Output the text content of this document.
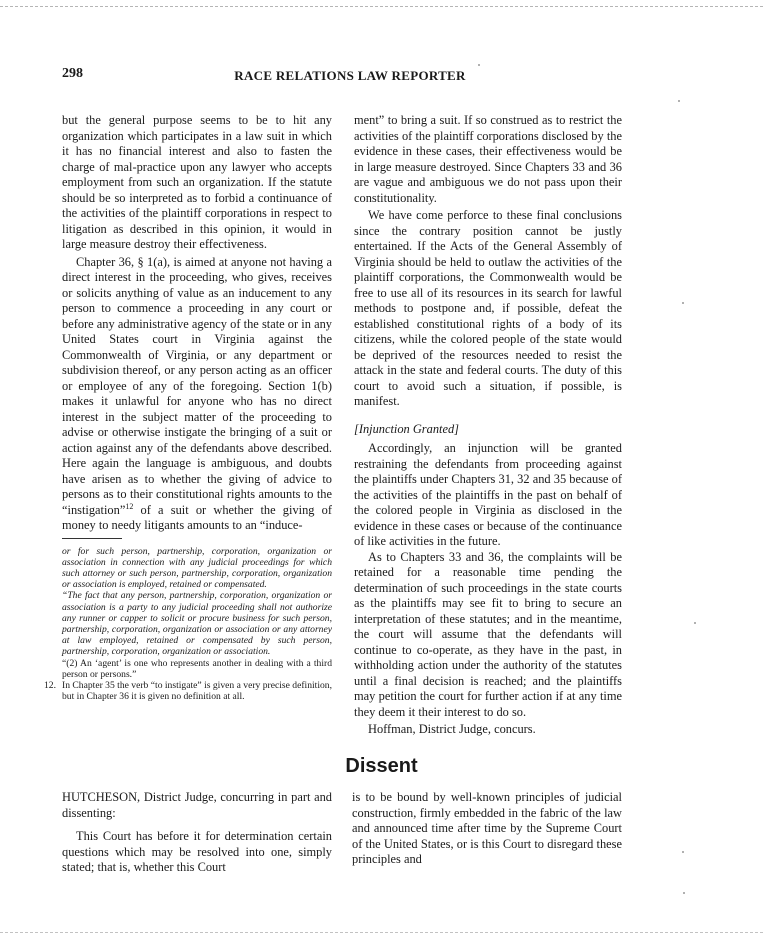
298	RACE RELATIONS LAW REPORTER

but the general purpose seems to be to hit any organization which participates in a law suit in which it has no financial interest and also to fasten the charge of mal-practice upon any lawyer who accepts employment from such an organization. If the statute should be so interpreted as to forbid a continuance of the activities of the plaintiff corporations in respect to litigation as described in this opinion, it would in large measure destroy their effectiveness.

Chapter 36, § 1(a), is aimed at anyone not having a direct interest in the proceeding, who gives, receives or solicits anything of value as an inducement to any person to commence a proceeding in any court or before any administrative agency of the state or in any United States court in Virginia against the Commonwealth of Virginia, or any department or subdivision thereof, or any person acting as an officer or employee of any of the foregoing. Section 1(b) makes it unlawful for anyone who has no direct interest in the subject matter of the proceeding to advise or otherwise instigate the bringing of a suit or action against any of the defendants above described. Here again the language is ambiguous, and doubts have arisen as to whether the giving of advice to persons as to their constitutional rights amounts to the “instigation”$^{12}$ of a suit or whether the giving of money to needy litigants amounts to an “induce-

or for such person, partnership, corporation, organization or association in connection with any judicial proceedings for which such attorney or such person, partnership, corporation, organization or association is employed, retained or compensated.

“The fact that any person, partnership, corporation, organization or association is a party to any judicial proceeding shall not authorize any runner or capper to solicit or procure business for such person, partnership, corporation, organization or association or any attorney at law employed, retained or compensated by such person, partnership, corporation, organization or association.

“(2) An ‘agent’ is one who represents another in dealing with a third person or persons.”

12. In Chapter 35 the verb “to instigate” is given a very precise definition, but in Chapter 36 it is given no definition at all.

ment” to bring a suit. If so construed as to restrict the activities of the plaintiff corporations disclosed by the evidence in these cases, their effectiveness would be in large measure destroyed. Since Chapters 33 and 36 are vague and ambiguous we do not pass upon their constitutionality.

We have come perforce to these final conclusions since the contrary position cannot be justly entertained. If the Acts of the General Assembly of Virginia should be held to outlaw the activities of the plaintiff corporations, the Commonwealth would be free to use all of its resources in its search for lawful methods to postpone and, if possible, defeat the established constitutional rights of a body of its citizens, while the colored people of the state would be deprived of the resources needed to resist the attack in the state and federal courts. The duty of this court to avoid such a situation, if possible, is manifest.

[Injunction Granted]

Accordingly, an injunction will be granted restraining the defendants from proceeding against the plaintiffs under Chapters 31, 32 and 35 because of the activities of the plaintiffs in the past on behalf of the colored people in Virginia as disclosed in the evidence in these cases or because of the continuance of like activities in the future.

As to Chapters 33 and 36, the complaints will be retained for a reasonable time pending the determination of such proceedings in the state courts as the plaintiffs may see fit to bring to secure an interpretation of these statutes; and in the meantime, the court will assume that the defendants will continue to co-operate, as they have in the past, in withholding action under the authority of the statutes until a final decision is reached; and the plaintiffs may petition the court for further action if at any time they deem it their interest to do so.

Hoffman, District Judge, concurs.

Dissent

HUTCHESON, District Judge, concurring in part and dissenting:

This Court has before it for determination certain questions which may be resolved into one, simply stated; that is, whether this Court

is to be bound by well-known principles of judicial construction, firmly embedded in the fabric of the law and announced time after time by the Supreme Court of the United States, or is this Court to disregard these principles and
